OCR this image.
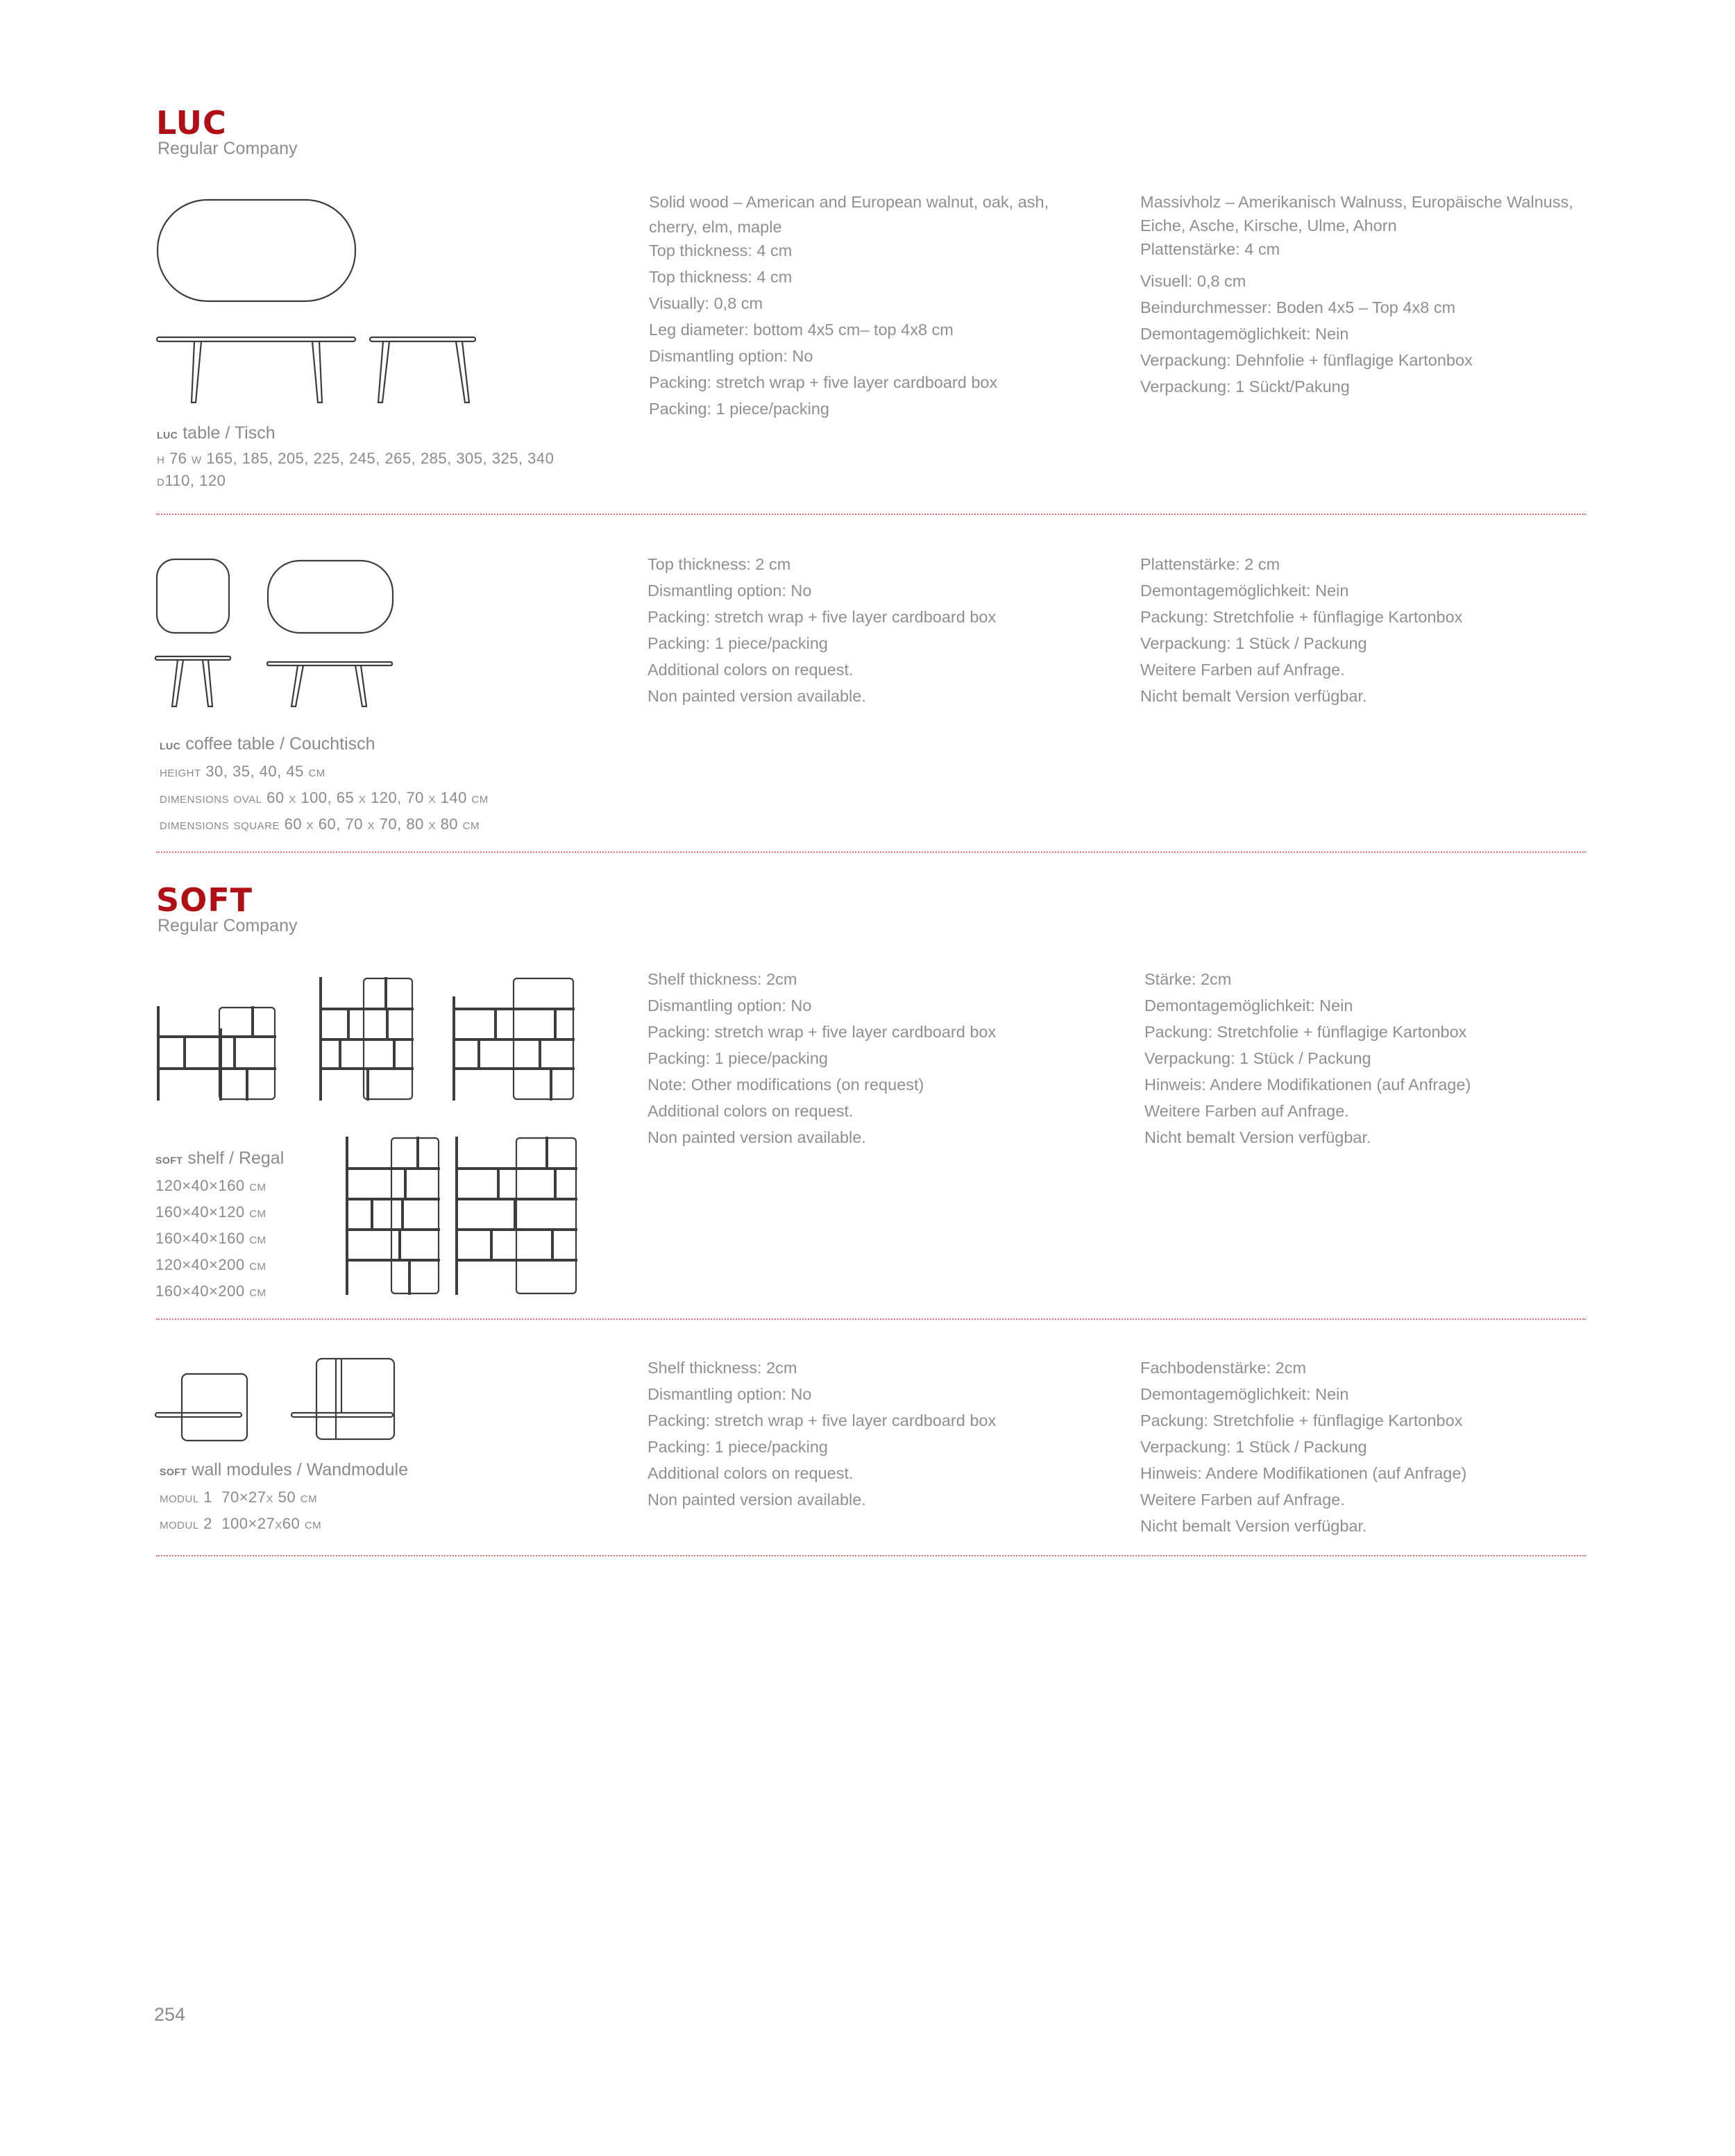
LUC
Regular Company
Solid wood – American and European walnut, oak, ash,
cherry, elm, maple
Top thickness: 4 cm
Top thickness: 4 cm
Visually: 0,8 cm
Leg diameter: bottom 4x5 cm– top 4x8 cm
Dismantling option: No
Packing: stretch wrap + five layer cardboard box
Packing: 1 piece/packing
Massivholz – Amerikanisch Walnuss, Europäische Walnuss,
Eiche, Asche, Kirsche, Ulme, Ahorn
Plattenstärke: 4 cm
Visuell: 0,8 cm
Beindurchmesser: Boden 4x5 – Top 4x8 cm
Demontagemöglichkeit: Nein
Verpackung: Dehnfolie + fünflagige Kartonbox
Verpackung: 1 Sückt/Pakung
luc table / Tisch
h 76 w 165, 185, 205, 225, 245, 265, 285, 305, 325, 340
d110, 120
Top thickness: 2 cm
Dismantling option: No
Packing: stretch wrap + five layer cardboard box
Packing: 1 piece/packing
Additional colors on request.
Non painted version available.
Plattenstärke: 2 cm
Demontagemöglichkeit: Nein
Packung: Stretchfolie + fünflagige Kartonbox
Verpackung: 1 Stück / Packung
Weitere Farben auf Anfrage.
Nicht bemalt Version verfügbar.
luc coffee table / Couchtisch
height 30, 35, 40, 45 cm
dimensions oval 60 x 100, 65 x 120, 70 x 140 cm
dimensions square 60 x 60, 70 x 70, 80 x 80 cm
SOFT
Regular Company
Shelf thickness: 2cm
Dismantling option: No
Packing: stretch wrap + five layer cardboard box
Packing: 1 piece/packing
Note: Other modifications (on request)
Additional colors on request.
Non painted version available.
Stärke: 2cm
Demontagemöglichkeit: Nein
Packung: Stretchfolie + fünflagige Kartonbox
Verpackung: 1 Stück / Packung
Hinweis: Andere Modifikationen (auf Anfrage)
Weitere Farben auf Anfrage.
Nicht bemalt Version verfügbar.
soft shelf / Regal
120×40×160 cm
160×40×120 cm
160×40×160 cm
120×40×200 cm
160×40×200 cm
Shelf thickness: 2cm
Dismantling option: No
Packing: stretch wrap + five layer cardboard box
Packing: 1 piece/packing
Additional colors on request.
Non painted version available.
Fachbodenstärke: 2cm
Demontagemöglichkeit: Nein
Packung: Stretchfolie + fünflagige Kartonbox
Verpackung: 1 Stück / Packung
Hinweis: Andere Modifikationen (auf Anfrage)
Weitere Farben auf Anfrage.
Nicht bemalt Version verfügbar.
soft wall modules / Wandmodule
modul 1  70×27x 50 cm
modul 2  100×27x60 cm
254
